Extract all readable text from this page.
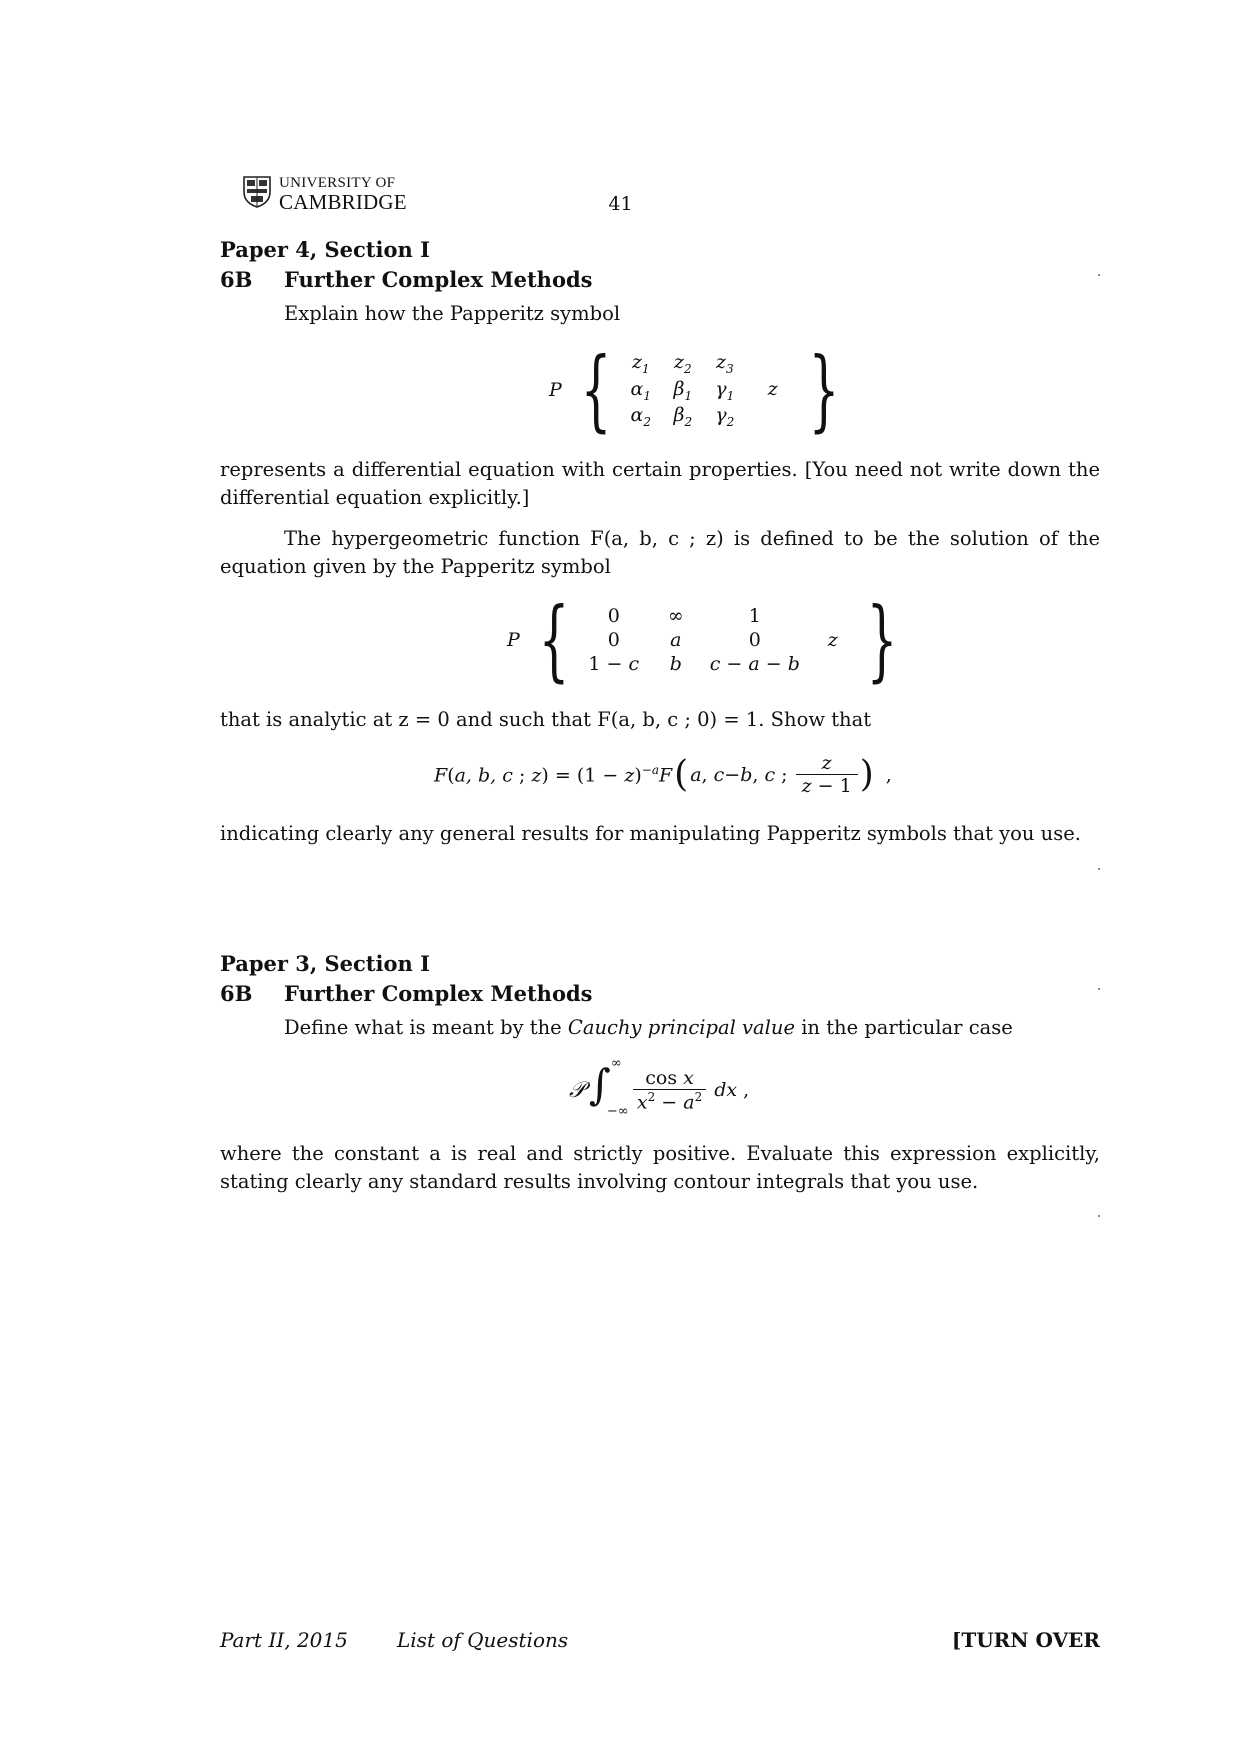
UNIVERSITY OF
CAMBRIDGE	41
Paper 4, Section I
6B Further Complex Methods
Explain how the Papperitz symbol
P {	$z_1$	$z_2$	$z_3$
$\alpha_1$	$\beta_1$	$\gamma_1$	z
$\alpha_2$	$\beta_2$	$\gamma_2$ }
represents a differential equation with certain properties. [You need not write down the differential equation explicitly.]
The hypergeometric function F(a, b, c ; z) is defined to be the solution of the equation given by the Papperitz symbol
P {	0	∞	1
0	a	0	z
1 − c	b	c − a − b }
that is analytic at z = 0 and such that F(a, b, c ; 0) = 1. Show that
F(a, b, c ; $z) = (1 - z)^{-a}F$ ( a, c−b, c ;
z
z − 1 ) ,
indicating clearly any general results for manipulating Papperitz symbols that you use.
Paper 3, Section I
6B Further Complex Methods
Define what is meant by the Cauchy principal value in the particular case
𝒫 ∫ ∞
−∞
cos x
$x^2 - a^2$ dx ,
where the constant a is real and strictly positive. Evaluate this expression explicitly, stating clearly any standard results involving contour integrals that you use.
Part II, 2015 List of Questions	[TURN OVER
